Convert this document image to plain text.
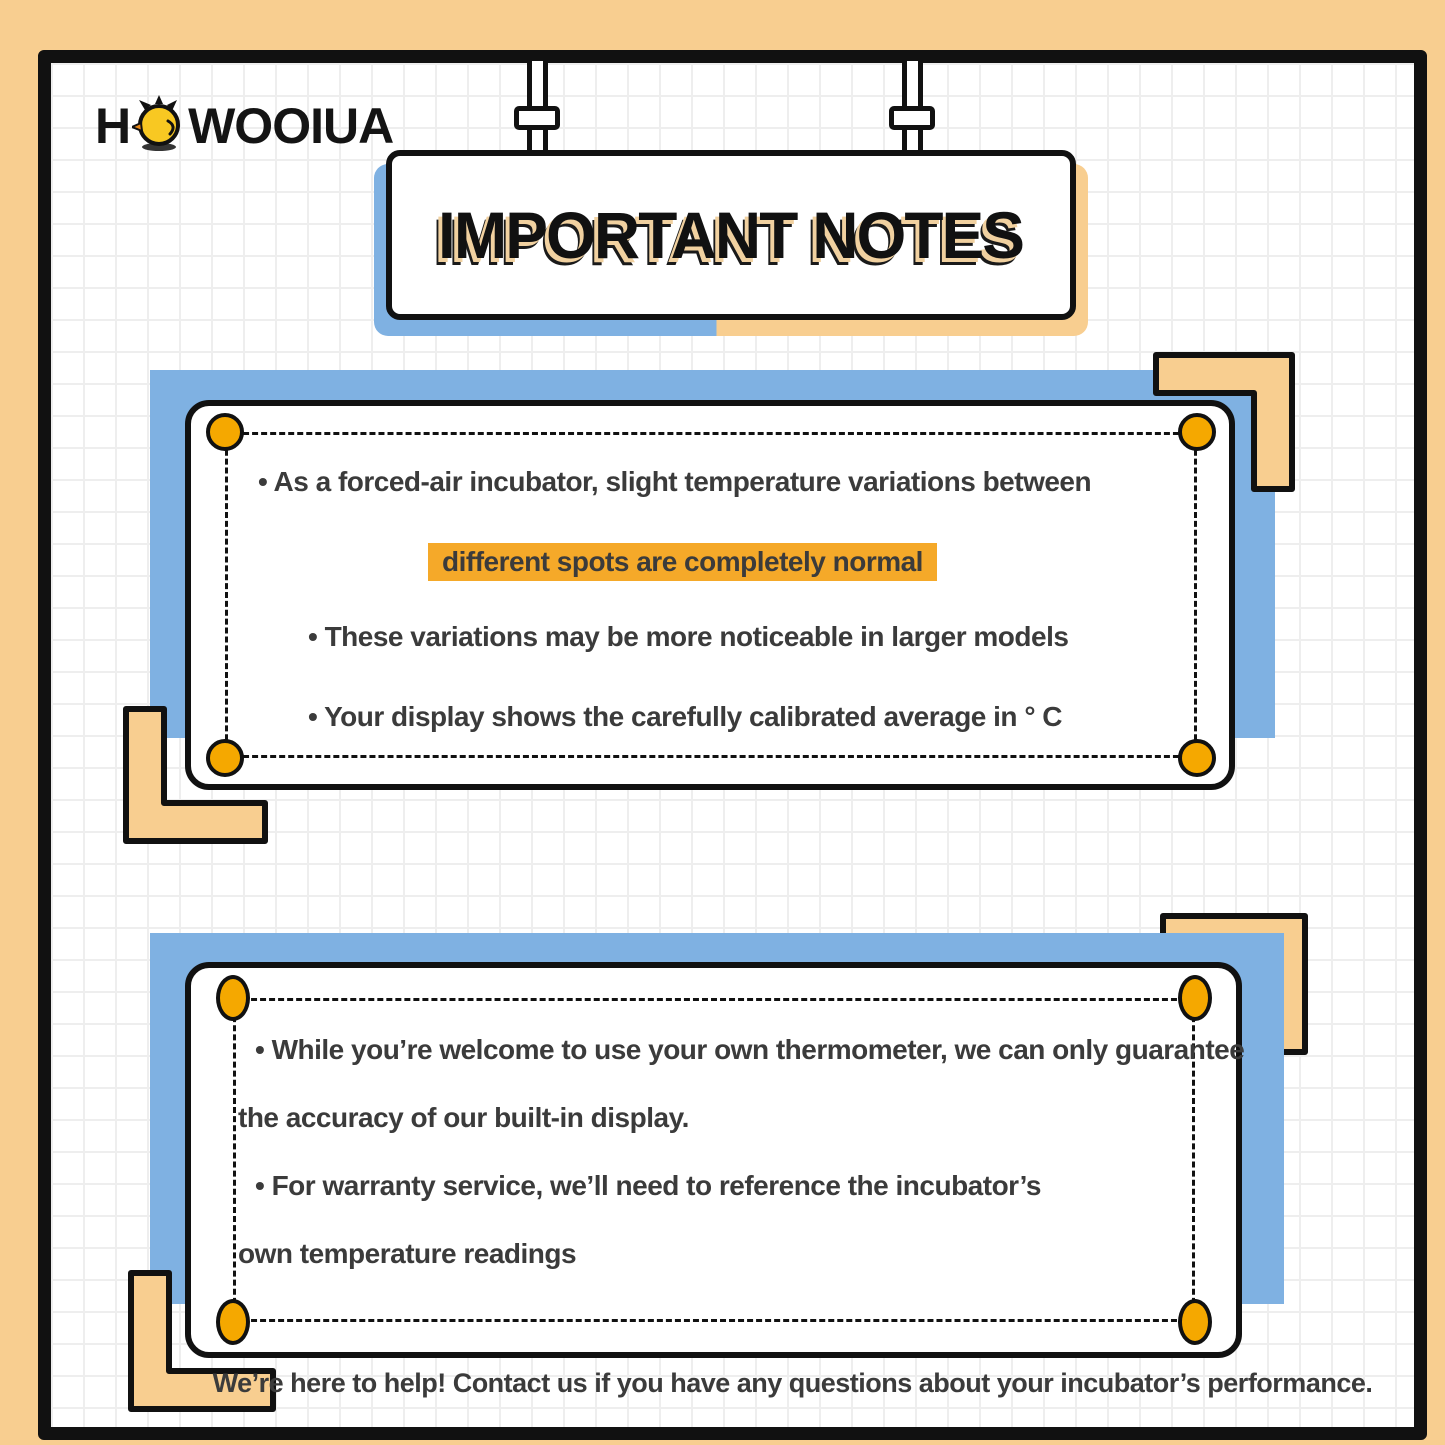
H WOOIUA
IMPORTANT NOTES
• As a forced-air incubator, slight temperature variations between
different spots are completely normal
• These variations may be more noticeable in larger models
• Your display shows the carefully calibrated average in ° C
• While you’re welcome to use your own thermometer, we can only guarantee
the accuracy of our built-in display.
• For warranty service, we’ll need to reference the incubator’s
own temperature readings
We’re here to help! Contact us if you have any questions about your incubator’s performance.
